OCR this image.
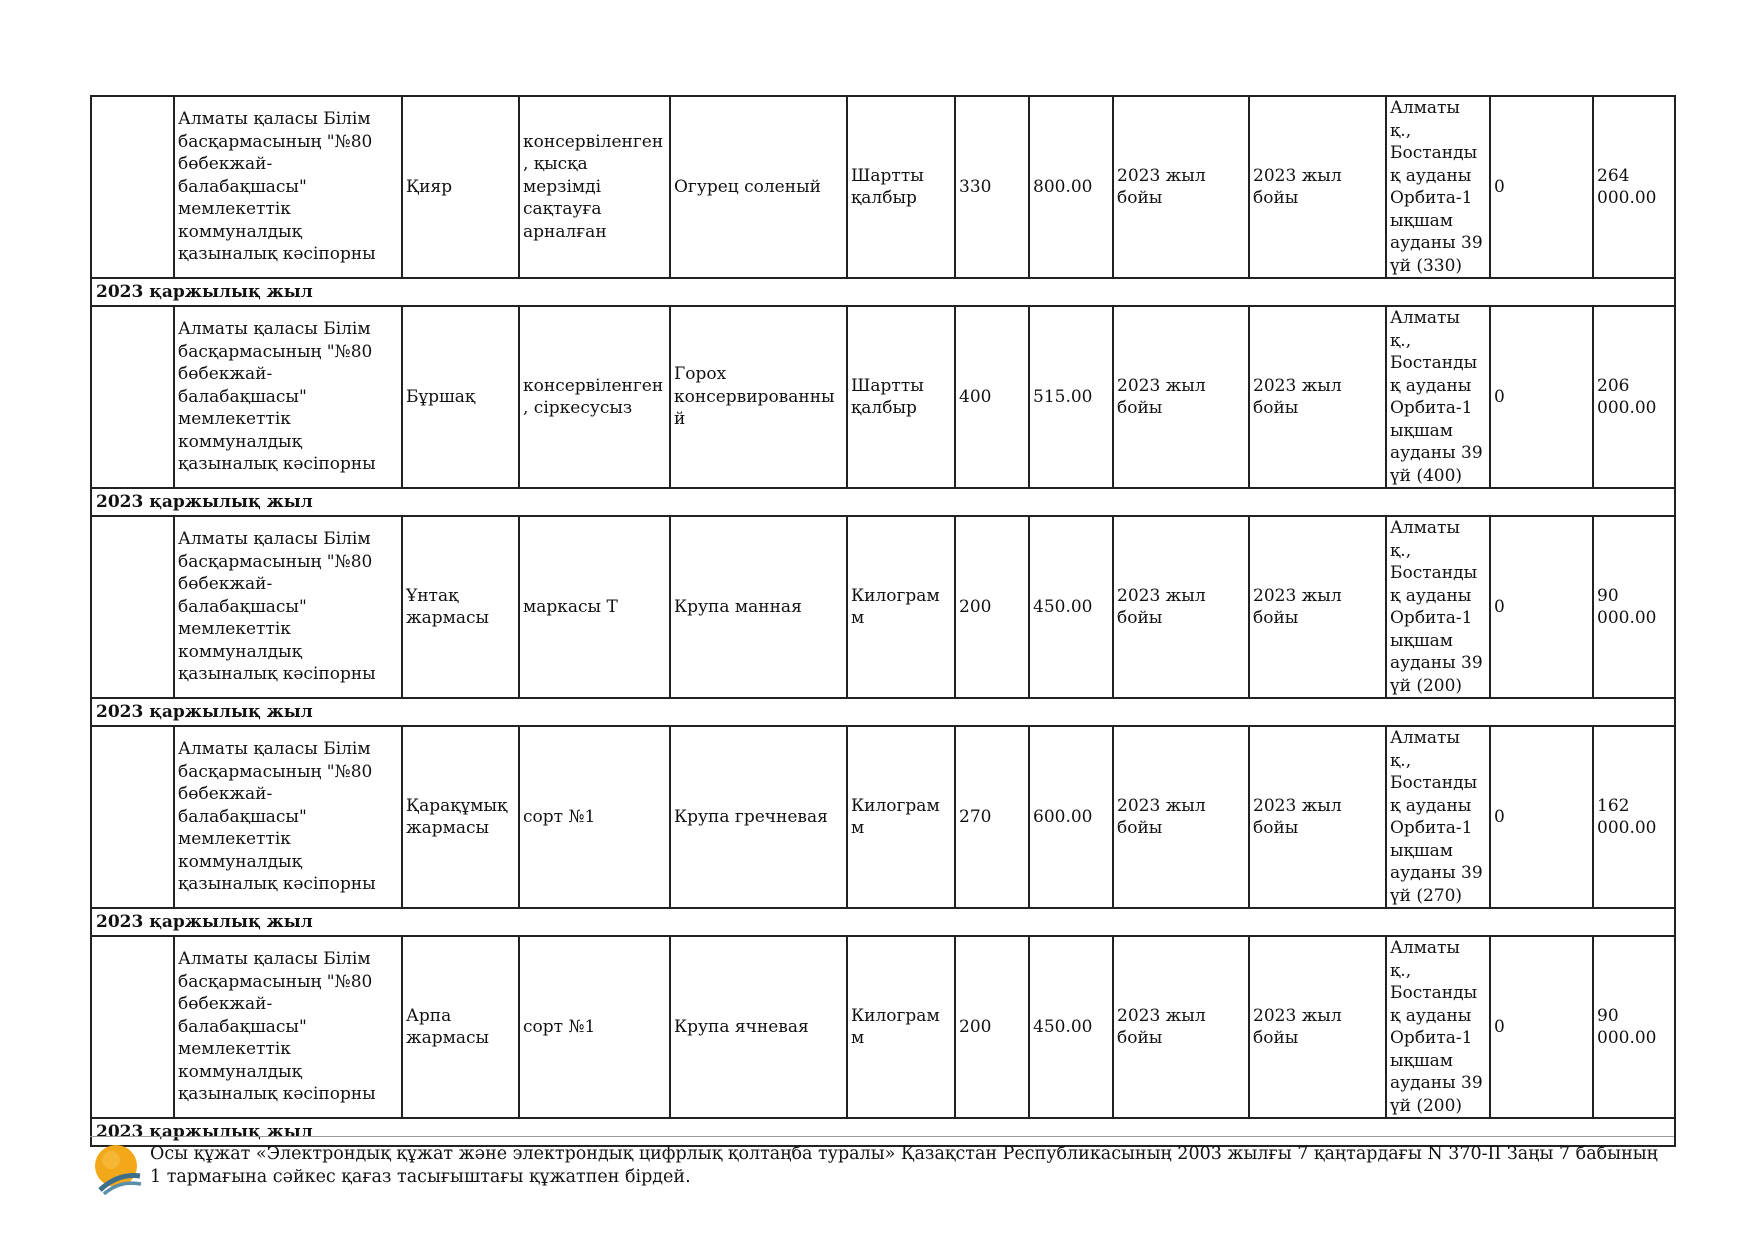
	Алматы қаласы Білім басқармасының "№80 бөбекжай-балабақшасы" мемлекеттік коммуналдық қазыналық кәсіпорны	Қияр	консервіленген, қысқа мерзімді сақтауға арналған	Огурец соленый	Шартты қалбыр	330	800.00	2023 жыл бойы	2023 жыл бойы	Алматы қ., Бостандық ауданы Орбита-1 ықшам ауданы 39 үй (330)	0	264 000.00
2023 қаржылық жыл												
	Алматы қаласы Білім басқармасының "№80 бөбекжай-балабақшасы" мемлекеттік коммуналдық қазыналық кәсіпорны	Бұршақ	консервіленген, сіркесусыз	Горох консервированный	Шартты қалбыр	400	515.00	2023 жыл бойы	2023 жыл бойы	Алматы қ., Бостандық ауданы Орбита-1 ықшам ауданы 39 үй (400)	0	206 000.00
2023 қаржылық жыл												
	Алматы қаласы Білім басқармасының "№80 бөбекжай-балабақшасы" мемлекеттік коммуналдық қазыналық кәсіпорны	Ұнтақ жармасы	маркасы Т	Крупа манная	Килограмм	200	450.00	2023 жыл бойы	2023 жыл бойы	Алматы қ., Бостандық ауданы Орбита-1 ықшам ауданы 39 үй (200)	0	90 000.00
2023 қаржылық жыл												
	Алматы қаласы Білім басқармасының "№80 бөбекжай-балабақшасы" мемлекеттік коммуналдық қазыналық кәсіпорны	Қарақұмық жармасы	сорт №1	Крупа гречневая	Килограмм	270	600.00	2023 жыл бойы	2023 жыл бойы	Алматы қ., Бостандық ауданы Орбита-1 ықшам ауданы 39 үй (270)	0	162 000.00
2023 қаржылық жыл												
	Алматы қаласы Білім басқармасының "№80 бөбекжай-балабақшасы" мемлекеттік коммуналдық қазыналық кәсіпорны	Арпа жармасы	сорт №1	Крупа ячневая	Килограмм	200	450.00	2023 жыл бойы	2023 жыл бойы	Алматы қ., Бостандық ауданы Орбита-1 ықшам ауданы 39 үй (200)	0	90 000.00
2023 қаржылық жыл												
Осы құжат «Электрондық құжат және электрондық цифрлық қолтаңба туралы» Қазақстан Республикасының 2003 жылғы 7 қаңтардағы N 370-II Заңы 7 бабының 1 тармағына сәйкес қағаз тасығыштағы құжатпен бірдей.
